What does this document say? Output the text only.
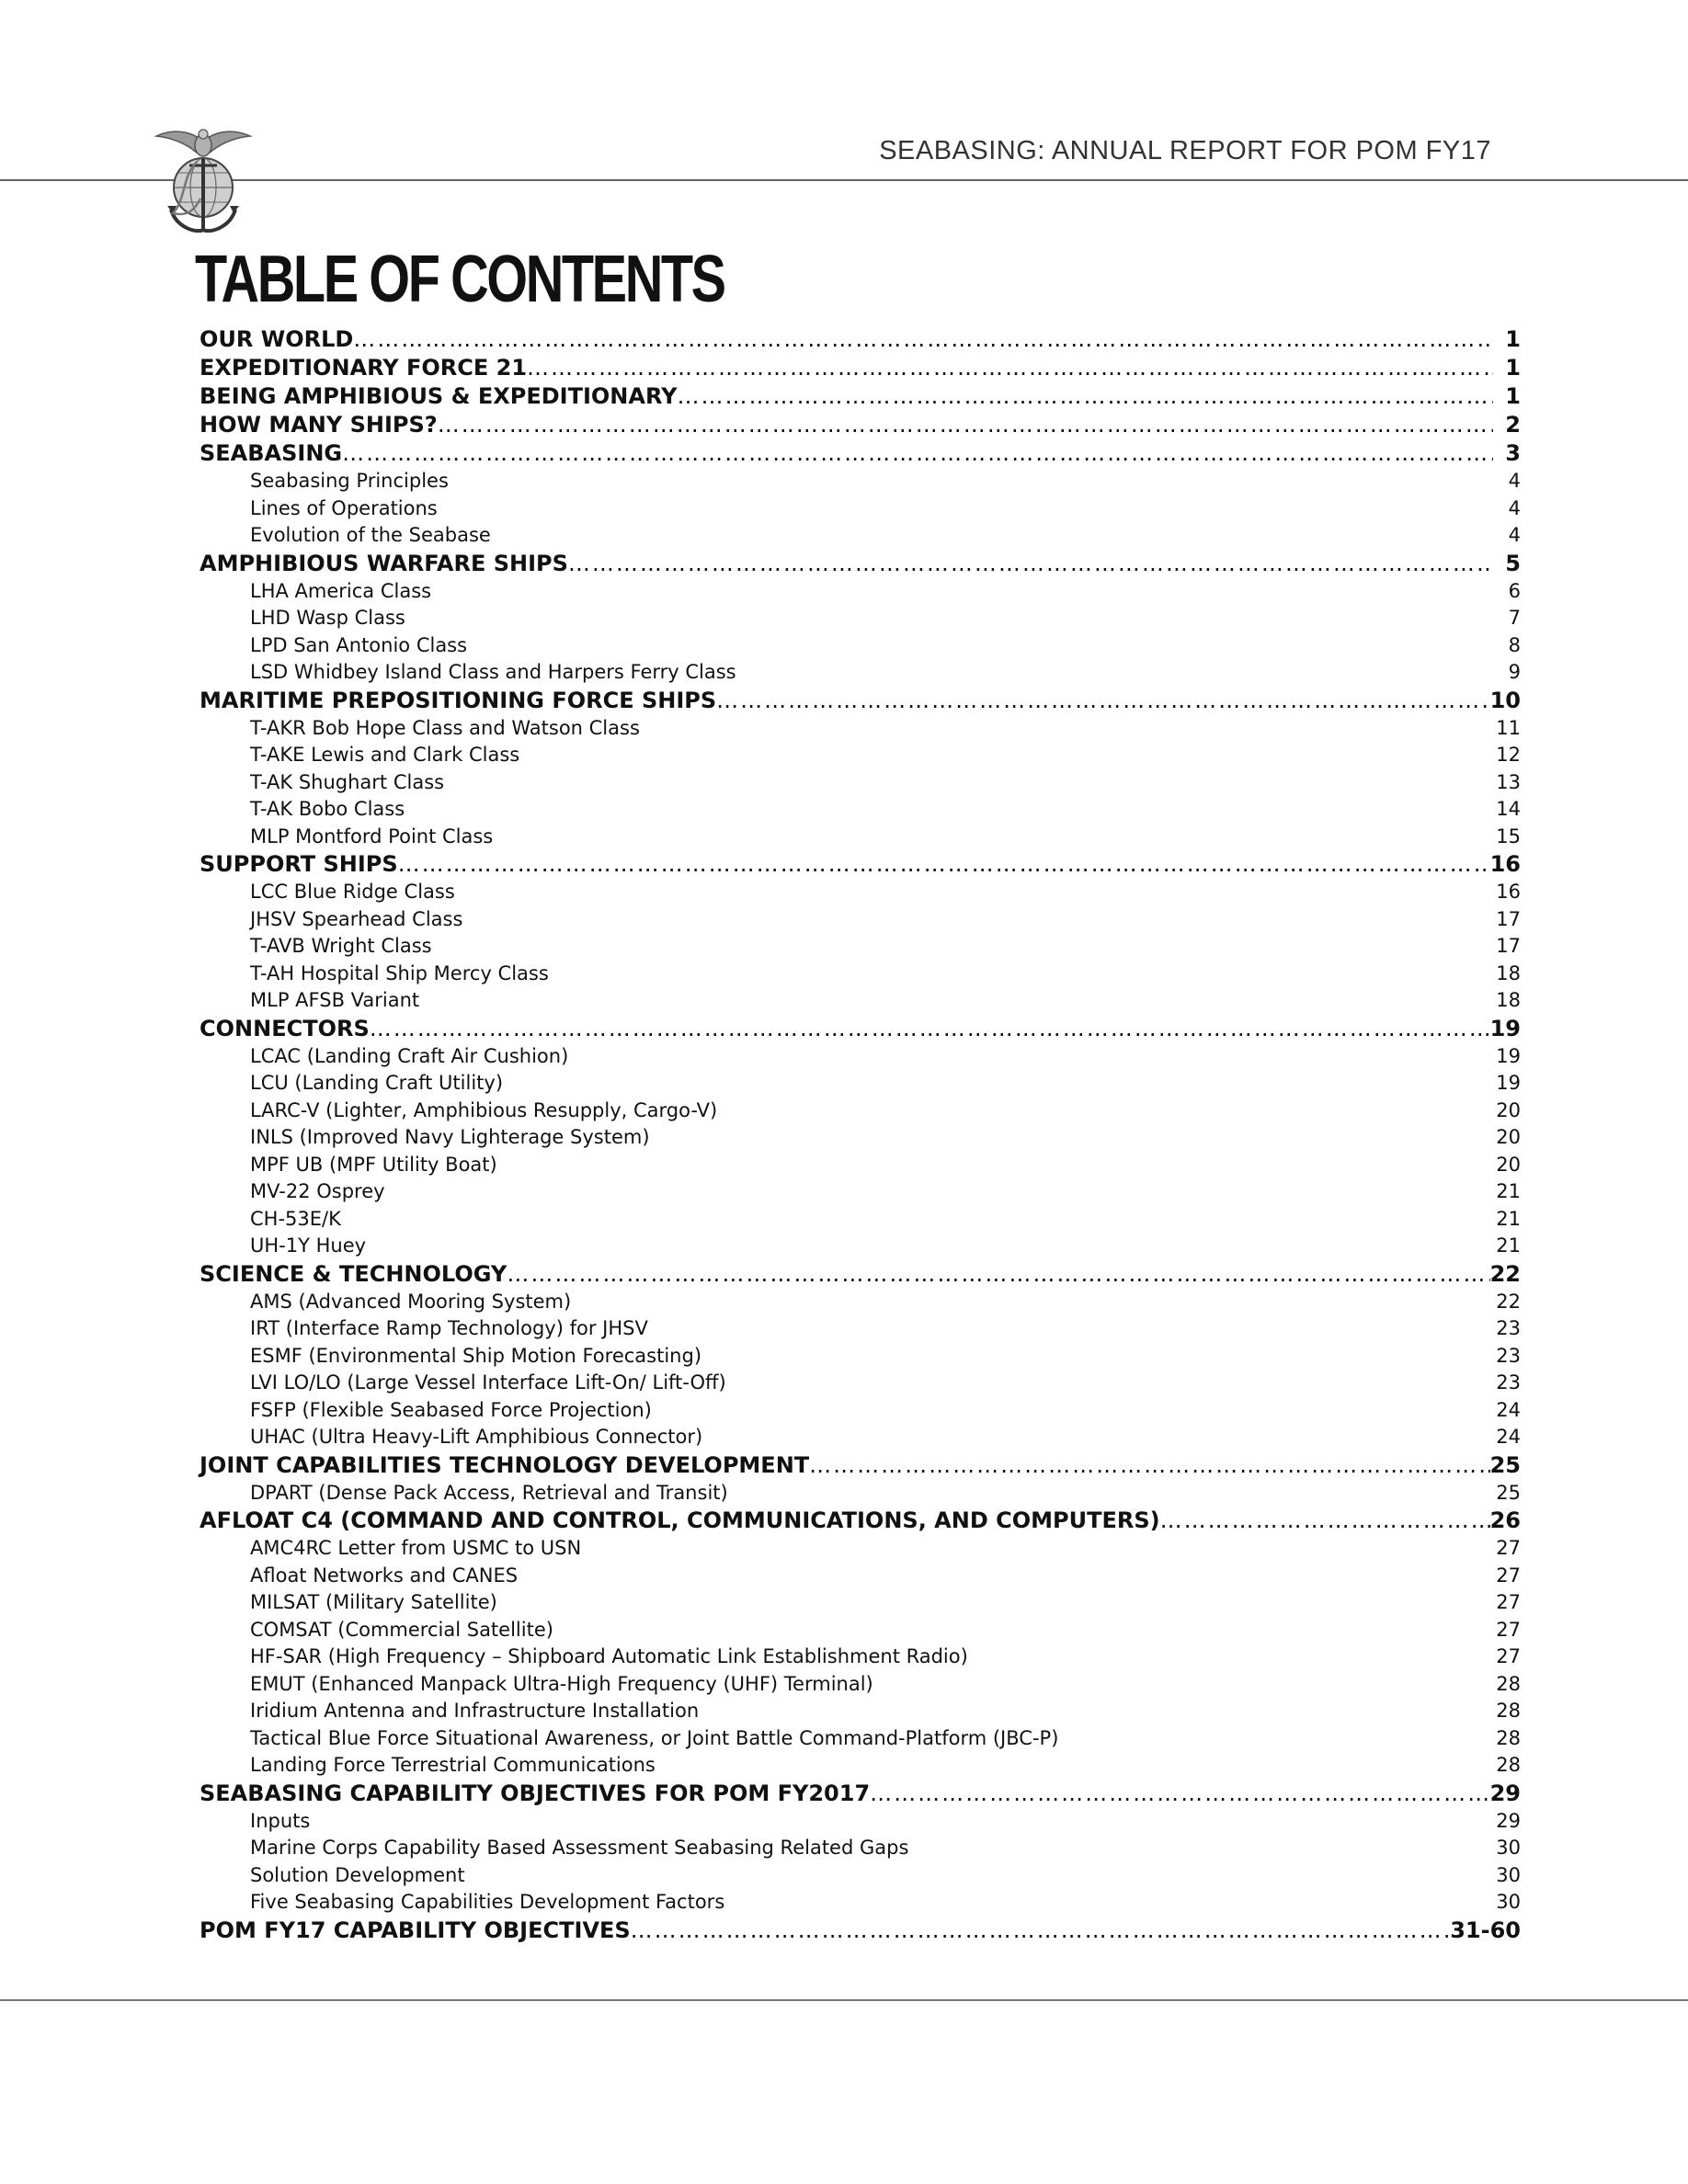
SEABASING: ANNUAL REPORT FOR POM FY17
TABLE OF CONTENTS
OUR WORLD ………………………………………………………………………………………………………………………………………………………………………………	1
EXPEDITIONARY FORCE 21 ………………………………………………………………………………………………………………………………………………………………………………	1
BEING AMPHIBIOUS & EXPEDITIONARY ………………………………………………………………………………………………………………………………………………………………………………	1
HOW MANY SHIPS? ………………………………………………………………………………………………………………………………………………………………………………	2
SEABASING ………………………………………………………………………………………………………………………………………………………………………………	3
Seabasing Principles	4
Lines of Operations	4
Evolution of the Seabase	4
AMPHIBIOUS WARFARE SHIPS ………………………………………………………………………………………………………………………………………………………………………………	5
LHA America Class	6
LHD Wasp Class	7
LPD San Antonio Class	8
LSD Whidbey Island Class and Harpers Ferry Class	9
MARITIME PREPOSITIONING FORCE SHIPS ………………………………………………………………………………………………………………………………………………………………………………	10
T-AKR Bob Hope Class and Watson Class	11
T-AKE Lewis and Clark Class	12
T-AK Shughart Class	13
T-AK Bobo Class	14
MLP Montford Point Class	15
SUPPORT SHIPS ………………………………………………………………………………………………………………………………………………………………………………	16
LCC Blue Ridge Class	16
JHSV Spearhead Class	17
T-AVB Wright Class	17
T-AH Hospital Ship Mercy Class	18
MLP AFSB Variant	18
CONNECTORS ………………………………………………………………………………………………………………………………………………………………………………	19
LCAC (Landing Craft Air Cushion)	19
LCU (Landing Craft Utility)	19
LARC-V (Lighter, Amphibious Resupply, Cargo-V)	20
INLS (Improved Navy Lighterage System)	20
MPF UB (MPF Utility Boat)	20
MV-22 Osprey	21
CH-53E/K	21
UH-1Y Huey	21
SCIENCE & TECHNOLOGY ………………………………………………………………………………………………………………………………………………………………………………	22
AMS (Advanced Mooring System)	22
IRT (Interface Ramp Technology) for JHSV	23
ESMF (Environmental Ship Motion Forecasting)	23
LVI LO/LO (Large Vessel Interface Lift-On/ Lift-Off)	23
FSFP (Flexible Seabased Force Projection)	24
UHAC (Ultra Heavy-Lift Amphibious Connector)	24
JOINT CAPABILITIES TECHNOLOGY DEVELOPMENT ………………………………………………………………………………………………………………………………………………………………………………	25
DPART (Dense Pack Access, Retrieval and Transit)	25
AFLOAT C4 (COMMAND AND CONTROL, COMMUNICATIONS, AND COMPUTERS) ………………………………………………………………………………………………………………………………………………………………………………	26
AMC4RC Letter from USMC to USN	27
Afloat Networks and CANES	27
MILSAT (Military Satellite)	27
COMSAT (Commercial Satellite)	27
HF-SAR (High Frequency – Shipboard Automatic Link Establishment Radio)	27
EMUT (Enhanced Manpack Ultra-High Frequency (UHF) Terminal)	28
Iridium Antenna and Infrastructure Installation	28
Tactical Blue Force Situational Awareness, or Joint Battle Command-Platform (JBC-P)	28
Landing Force Terrestrial Communications	28
SEABASING CAPABILITY OBJECTIVES FOR POM FY2017 ………………………………………………………………………………………………………………………………………………………………………………	29
Inputs	29
Marine Corps Capability Based Assessment Seabasing Related Gaps	30
Solution Development	30
Five Seabasing Capabilities Development Factors	30
POM FY17 CAPABILITY OBJECTIVES ………………………………………………………………………………………………………………………………………………………………………………	31-60
